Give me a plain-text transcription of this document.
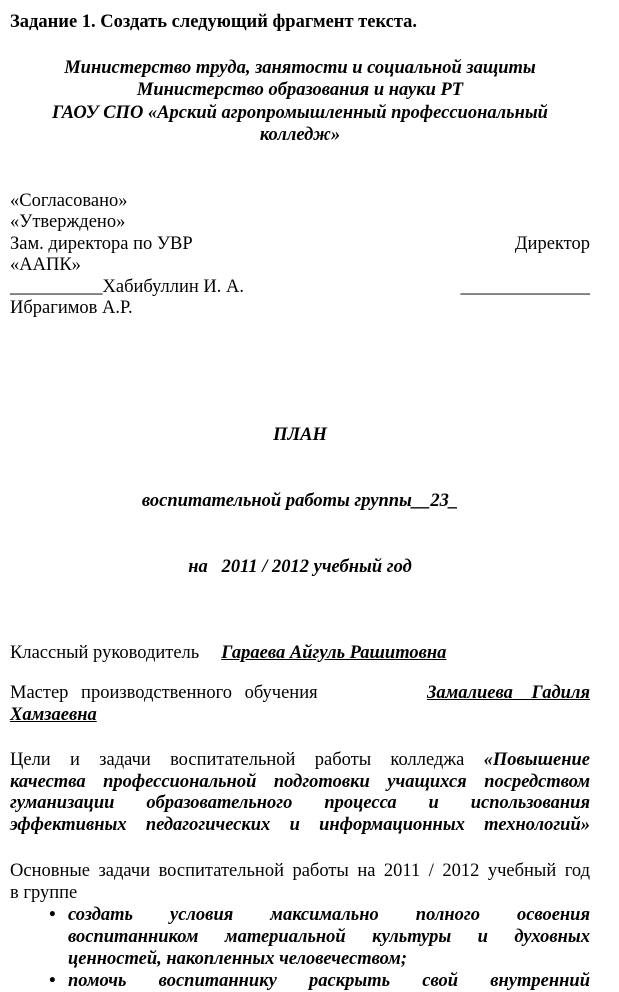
Задание 1. Создать следующий фрагмент текста.
Министерство труда, занятости и социальной защиты
Министерство образования и науки РТ
ГАОУ СПО «Арский агропромышленный профессиональный
колледж»
«Согласовано»
«Утверждено»
Зам. директора по УВР	Директор
«ААПК»
__________Хабибуллин И. А.	______________
Ибрагимов А.Р.

ПЛАН

воспитательной работы группы__23_

на   2011 / 2012 учебный год

Классный руководитель Гараева Айгуль Рашитовна
Мастер производственного обучения	Замалиева Гадиля
Хамзаевна
Цели и задачи воспитательной работы колледжа «Повышение
качества профессиональной подготовки учащихся посредством
гуманизации образовательного процесса и использования
эффективных педагогических и информационных технологий»
Основные задачи воспитательной работы на 2011 / 2012 учебный год
в группе
• создать условия максимально полного освоения
воспитанником материальной культуры и духовных
ценностей, накопленных человечеством;
• помочь воспитаннику раскрыть свой внутренний
